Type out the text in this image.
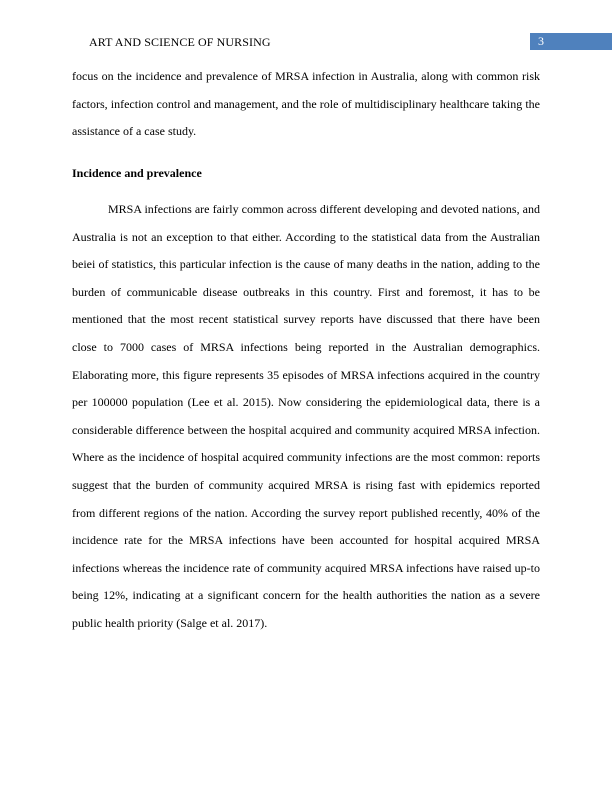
ART AND SCIENCE OF NURSING	3

focus on the incidence and prevalence of MRSA infection in Australia, along with common risk factors, infection control and management, and the role of multidisciplinary healthcare taking the assistance of a case study.

Incidence and prevalence

MRSA infections are fairly common across different developing and devoted nations, and Australia is not an exception to that either. According to the statistical data from the Australian beiei of statistics, this particular infection is the cause of many deaths in the nation, adding to the burden of communicable disease outbreaks in this country. First and foremost, it has to be mentioned that the most recent statistical survey reports have discussed that there have been close to 7000 cases of MRSA infections being reported in the Australian demographics. Elaborating more, this figure represents 35 episodes of MRSA infections acquired in the country per 100000 population (Lee et al. 2015). Now considering the epidemiological data, there is a considerable difference between the hospital acquired and community acquired MRSA infection. Where as the incidence of hospital acquired community infections are the most common: reports suggest that the burden of community acquired MRSA is rising fast with epidemics reported from different regions of the nation. According the survey report published recently, 40% of the incidence rate for the MRSA infections have been accounted for hospital acquired MRSA infections whereas the incidence rate of community acquired MRSA infections have raised up-to being 12%, indicating at a significant concern for the health authorities the nation as a severe public health priority (Salge et al. 2017).
